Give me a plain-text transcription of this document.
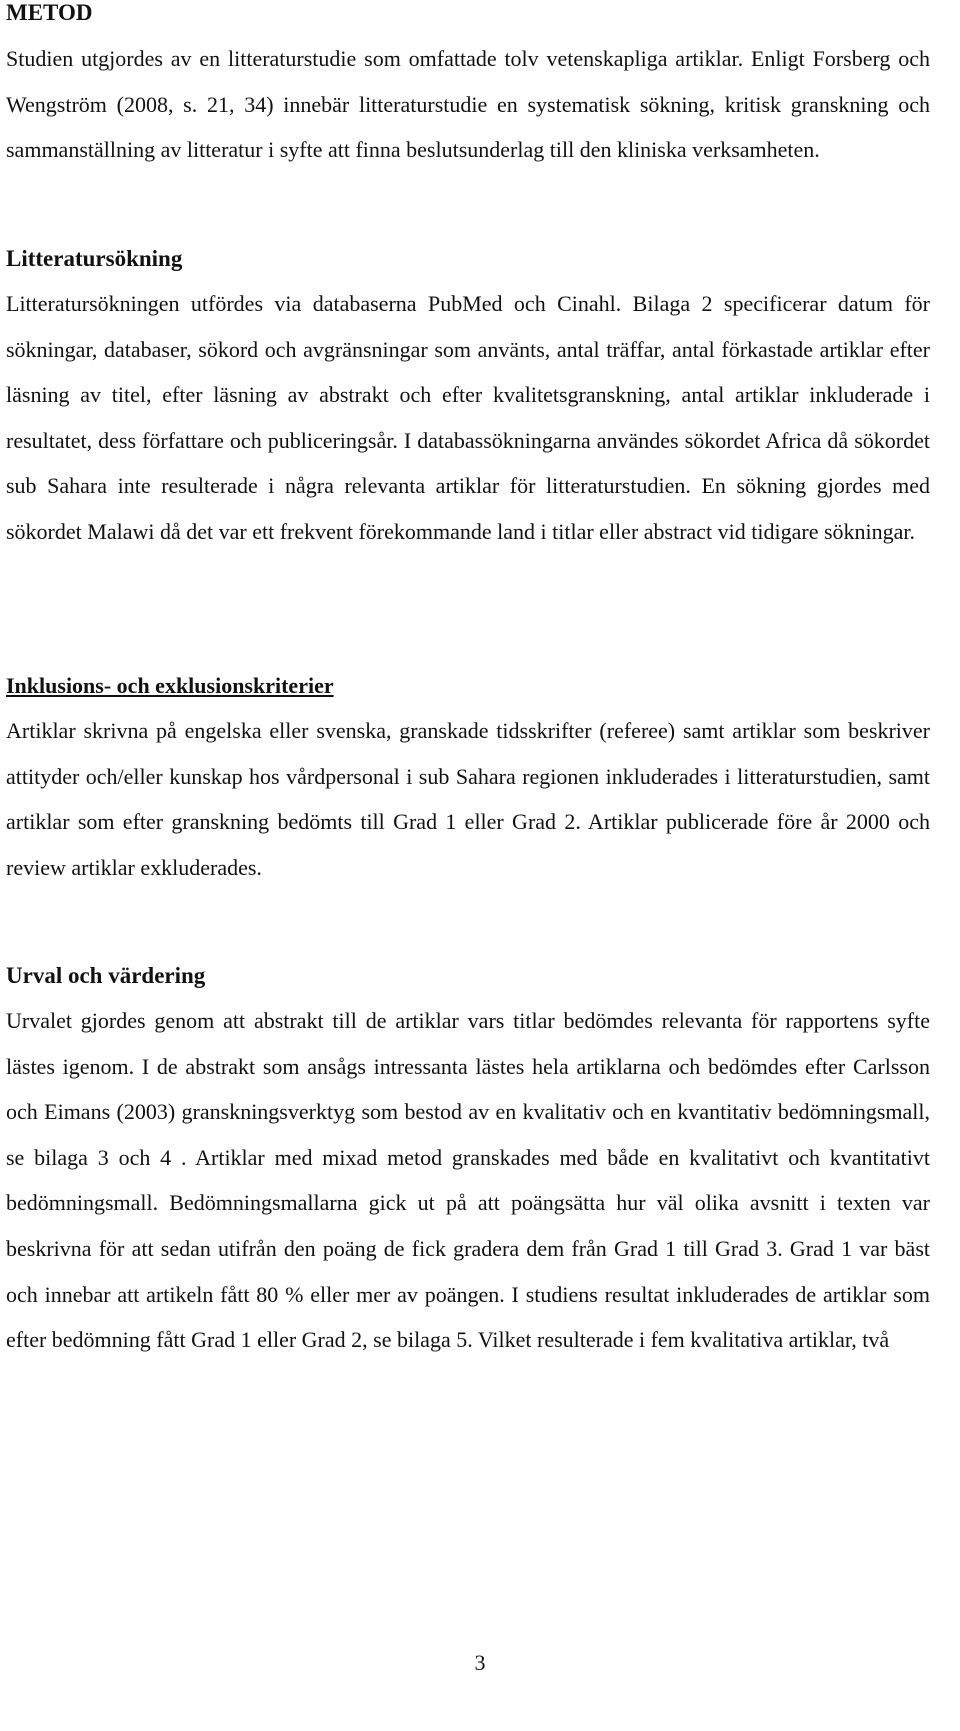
METOD

Studien utgjordes av en litteraturstudie som omfattade tolv vetenskapliga artiklar. Enligt Forsberg och Wengström (2008, s. 21, 34) innebär litteraturstudie en systematisk sökning, kritisk granskning och sammanställning av litteratur i syfte att finna beslutsunderlag till den kliniska verksamheten.

Litteratursökning

Litteratursökningen utfördes via databaserna PubMed och Cinahl. Bilaga 2 specificerar datum för sökningar, databaser, sökord och avgränsningar som använts, antal träffar, antal förkastade artiklar efter läsning av titel, efter läsning av abstrakt och efter kvalitetsgranskning, antal artiklar inkluderade i resultatet, dess författare och publiceringsår. I databassökningarna användes sökordet Africa då sökordet sub Sahara inte resulterade i några relevanta artiklar för litteraturstudien. En sökning gjordes med sökordet Malawi då det var ett frekvent förekommande land i titlar eller abstract vid tidigare sökningar.

Inklusions- och exklusionskriterier

Artiklar skrivna på engelska eller svenska, granskade tidsskrifter (referee) samt artiklar som beskriver attityder och/eller kunskap hos vårdpersonal i sub Sahara regionen inkluderades i litteraturstudien, samt artiklar som efter granskning bedömts till Grad 1 eller Grad 2. Artiklar publicerade före år 2000 och review artiklar exkluderades.

Urval och värdering

Urvalet gjordes genom att abstrakt till de artiklar vars titlar bedömdes relevanta för rapportens syfte lästes igenom. I de abstrakt som ansågs intressanta lästes hela artiklarna och bedömdes efter Carlsson och Eimans (2003) granskningsverktyg som bestod av en kvalitativ och en kvantitativ bedömningsmall, se bilaga 3 och 4 . Artiklar med mixad metod granskades med både en kvalitativt och kvantitativt bedömningsmall. Bedömningsmallarna gick ut på att poängsätta hur väl olika avsnitt i texten var beskrivna för att sedan utifrån den poäng de fick gradera dem från Grad 1 till Grad 3. Grad 1 var bäst och innebar att artikeln fått 80 % eller mer av poängen. I studiens resultat inkluderades de artiklar som efter bedömning fått Grad 1 eller Grad 2, se bilaga 5. Vilket resulterade i fem kvalitativa artiklar, två

3
